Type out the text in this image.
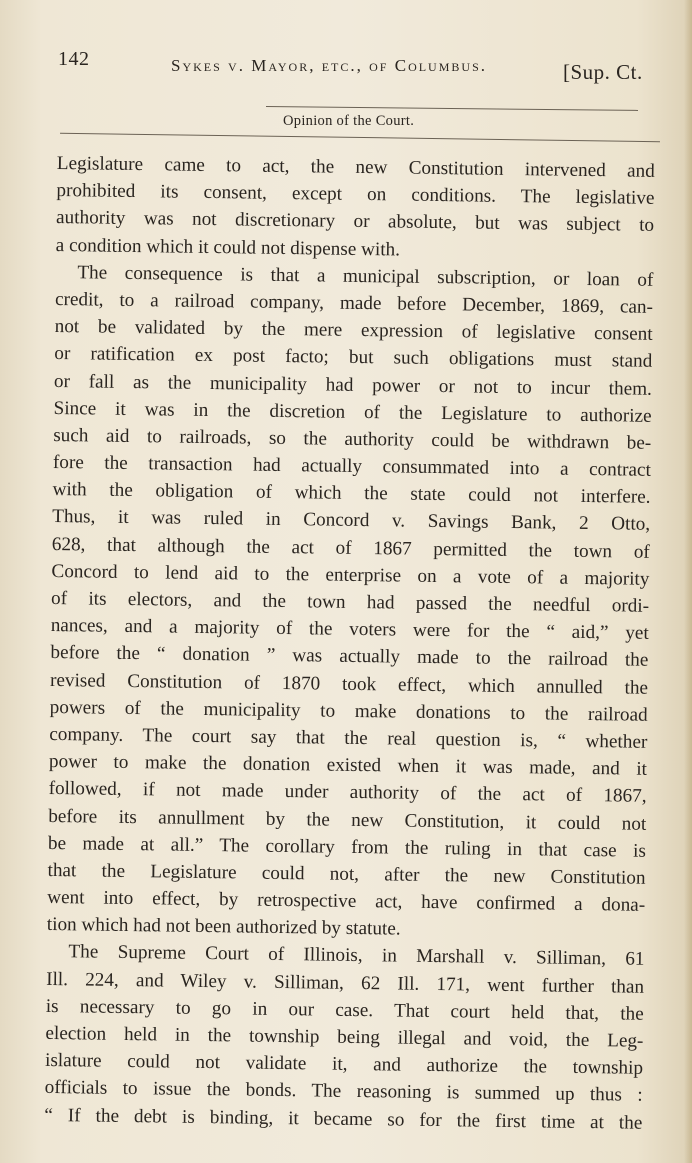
142	Sykes v. Mayor, etc., of Columbus.	[Sup. Ct.
Opinion of the Court.
Legislature came to act, the new Constitution intervened and
prohibited its consent, except on conditions. The legislative
authority was not discretionary or absolute, but was subject to
a condition which it could not dispense with.
The consequence is that a municipal subscription, or loan of
credit, to a railroad company, made before December, 1869, can-
not be validated by the mere expression of legislative consent
or ratification ex post facto; but such obligations must stand
or fall as the municipality had power or not to incur them.
Since it was in the discretion of the Legislature to authorize
such aid to railroads, so the authority could be withdrawn be-
fore the transaction had actually consummated into a contract
with the obligation of which the state could not interfere.
Thus, it was ruled in Concord v. Savings Bank, 2 Otto,
628, that although the act of 1867 permitted the town of
Concord to lend aid to the enterprise on a vote of a majority
of its electors, and the town had passed the needful ordi-
nances, and a majority of the voters were for the “ aid,” yet
before the “ donation ” was actually made to the railroad the
revised Constitution of 1870 took effect, which annulled the
powers of the municipality to make donations to the railroad
company. The court say that the real question is, “ whether
power to make the donation existed when it was made, and it
followed, if not made under authority of the act of 1867,
before its annullment by the new Constitution, it could not
be made at all.” The corollary from the ruling in that case is
that the Legislature could not, after the new Constitution
went into effect, by retrospective act, have confirmed a dona-
tion which had not been authorized by statute.
The Supreme Court of Illinois, in Marshall v. Silliman, 61
Ill. 224, and Wiley v. Silliman, 62 Ill. 171, went further than
is necessary to go in our case. That court held that, the
election held in the township being illegal and void, the Leg-
islature could not validate it, and authorize the township
officials to issue the bonds. The reasoning is summed up thus :
“ If the debt is binding, it became so for the first time at the
